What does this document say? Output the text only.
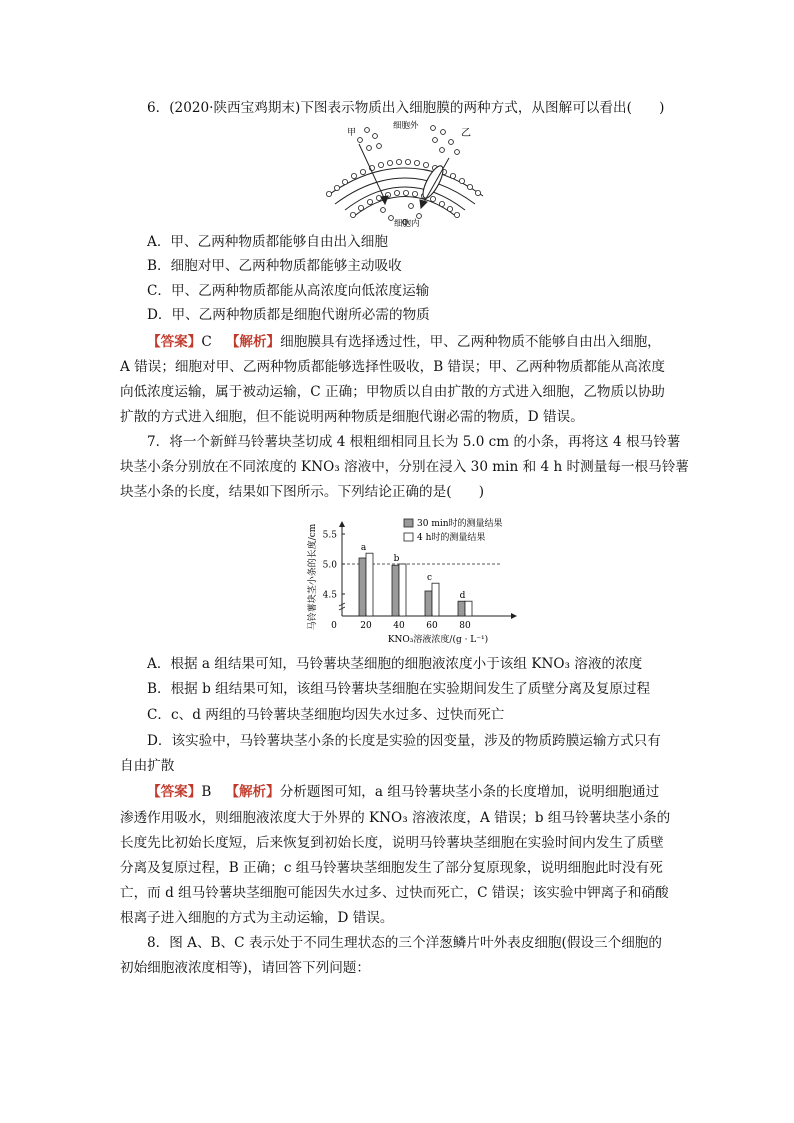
6．(2020·陕西宝鸡期末)下图表示物质出入细胞膜的两种方式，从图解可以看出(　　)
甲	乙
细胞外
细胞内
A．甲、乙两种物质都能够自由出入细胞
B．细胞对甲、乙两种物质都能够主动吸收
C．甲、乙两种物质都能从高浓度向低浓度运输
D．甲、乙两种物质都是细胞代谢所必需的物质
【答案】C 【解析】细胞膜具有选择透过性，甲、乙两种物质不能够自由出入细胞，
A 错误；细胞对甲、乙两种物质都能够选择性吸收，B 错误；甲、乙两种物质都能从高浓度
向低浓度运输，属于被动运输，C 正确；甲物质以自由扩散的方式进入细胞，乙物质以协助
扩散的方式进入细胞，但不能说明两种物质是细胞代谢必需的物质，D 错误。
7．将一个新鲜马铃薯块茎切成 4 根粗细相同且长为 5.0 cm 的小条，再将这 4 根马铃薯
块茎小条分别放在不同浓度的 KNO₃ 溶液中，分别在浸入 30 min 和 4 h 时测量每一根马铃薯
块茎小条的长度，结果如下图所示。下列结论正确的是(　　)
4.5
5.0
5.5
0
a
20
b
40
c
60
d
80
KNO₃溶液浓度/(g · L⁻¹)
马铃薯块茎小条的长度/cm	30 min时的测量结果
4 h时的测量结果
A．根据 a 组结果可知，马铃薯块茎细胞的细胞液浓度小于该组 KNO₃ 溶液的浓度
B．根据 b 组结果可知，该组马铃薯块茎细胞在实验期间发生了质壁分离及复原过程
C．c、d 两组的马铃薯块茎细胞均因失水过多、过快而死亡
D．该实验中，马铃薯块茎小条的长度是实验的因变量，涉及的物质跨膜运输方式只有
自由扩散
【答案】B 【解析】分析题图可知，a 组马铃薯块茎小条的长度增加，说明细胞通过
渗透作用吸水，则细胞液浓度大于外界的 KNO₃ 溶液浓度，A 错误；b 组马铃薯块茎小条的
长度先比初始长度短，后来恢复到初始长度，说明马铃薯块茎细胞在实验时间内发生了质壁
分离及复原过程，B 正确；c 组马铃薯块茎细胞发生了部分复原现象，说明细胞此时没有死
亡，而 d 组马铃薯块茎细胞可能因失水过多、过快而死亡，C 错误；该实验中钾离子和硝酸
根离子进入细胞的方式为主动运输，D 错误。
8．图 A、B、C 表示处于不同生理状态的三个洋葱鳞片叶外表皮细胞(假设三个细胞的
初始细胞液浓度相等)，请回答下列问题：
